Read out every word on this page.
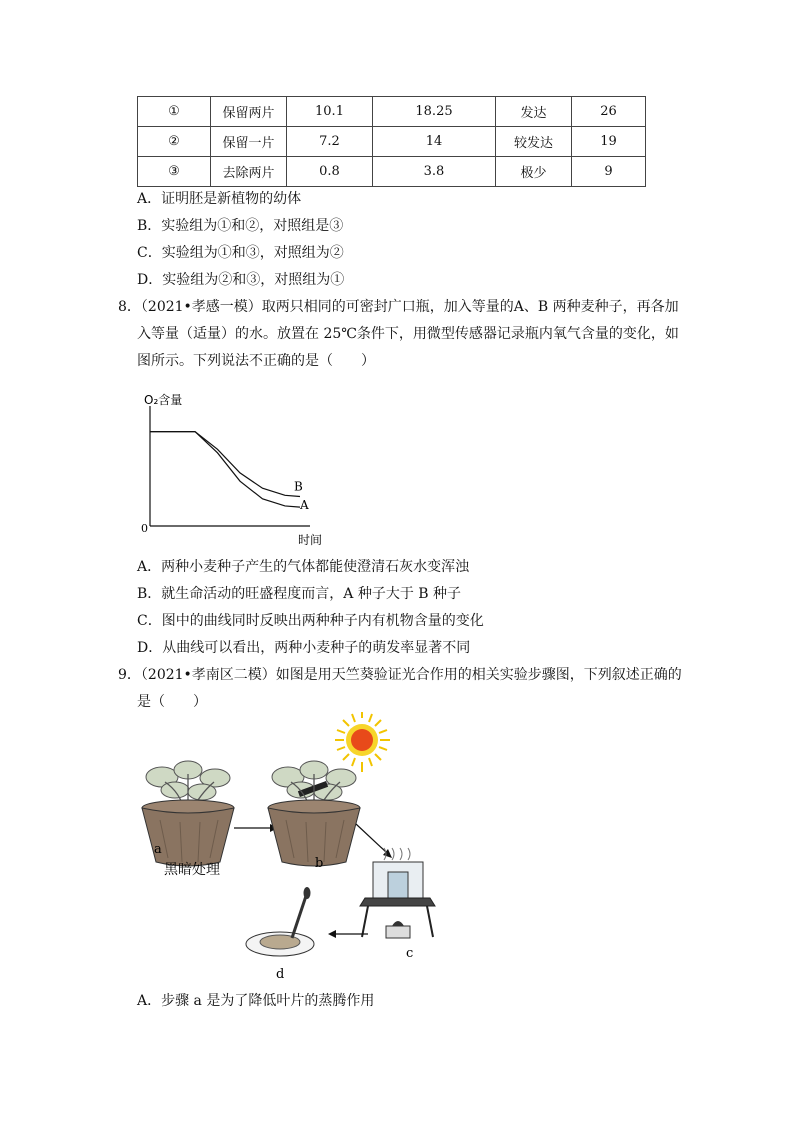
①	保留两片	10.1	18.25	发达	26
②	保留一片	7.2	14	较发达	19
③	去除两片	0.8	3.8	极少	9
A．证明胚是新植物的幼体
B．实验组为①和②，对照组是③
C．实验组为①和③，对照组为②
D．实验组为②和③，对照组为①
8．（2021•孝感一模）取两只相同的可密封广口瓶，加入等量的A、B 两种麦种子，再各加
入等量（适量）的水。放置在 25℃条件下，用微型传感器记录瓶内氧气含量的变化，如
图所示。下列说法不正确的是（　　）
O₂含量
时间
0
A
B
A．两种小麦种子产生的气体都能使澄清石灰水变浑浊
B．就生命活动的旺盛程度而言，A 种子大于 B 种子
C．图中的曲线同时反映出两种种子内有机物含量的变化
D．从曲线可以看出，两种小麦种子的萌发率显著不同
9．（2021•孝南区二模）如图是用天竺葵验证光合作用的相关实验步骤图，下列叙述正确的
是（　　）
a
黑暗处理	b
c
d
A．步骤 a 是为了降低叶片的蒸腾作用
